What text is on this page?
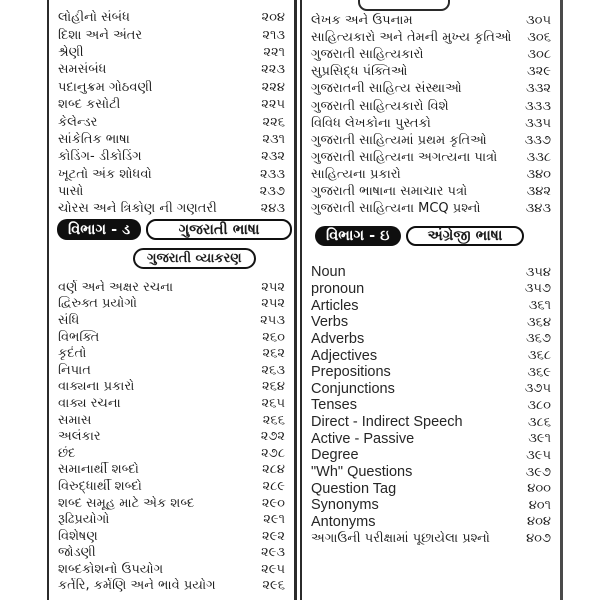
લોહીનો સંબંધ	૨૦૪
દિશા અને અંતર	૨૧૩
શ્રેણી	૨૨૧
સમસંબંધ	૨૨૩
પદાનુક્રમ ગોઠવણી	૨૨૪
શબ્દ કસોટી	૨૨૫
કેલેન્ડર	૨૨૬
સાંકેતિક ભાષા	૨૩૧
કોડિંગ- ડીકોડિંગ	૨૩૨
ખૂટતો અંક શોધવો	૨૩૩
પાસો	૨૩૭
ચોરસ અને ત્રિકોણ ની ગણતરી	૨૪૩
વિભાગ - ડ	ગુજરાતી ભાષા
ગુજરાતી વ્યાકરણ
વર્ણ અને અક્ષર રચના	૨૫૨
દ્વિરુક્ત પ્રયોગો	૨૫૨
સંધિ	૨૫૩
વિભક્તિ	૨૬૦
કૃદંતો	૨૬૨
નિપાત	૨૬૩
વાક્યના પ્રકારો	૨૬૪
વાક્ય રચના	૨૬૫
સમાસ	૨૬૬
અલંકાર	૨૭૨
છંદ	૨૭૮
સમાનાર્થી શબ્દો	૨૮૪
વિરુદ્ધાર્થી શબ્દો	૨૮૯
શબ્દ સમૂહ માટે એક શબ્દ	૨૯૦
રૂઢિપ્રયોગો	૨૯૧
વિશેષણ	૨૯૨
જોડણી	૨૯૩
શબ્દકોશનો ઉપયોગ	૨૯૫
કર્તરિ, કર્મણિ અને ભાવે પ્રયોગ	૨૯૬
લેખક અને ઉપનામ	૩૦૫
સાહિત્યકારો અને તેમની મુખ્ય કૃતિઓ ૩૦૬
ગુજરાતી સાહિત્યકારો	૩૦૮
સુપ્રસિદ્ધ પંક્તિઓ	૩૨૯
ગુજરાતની સાહિત્ય સંસ્થાઓ	૩૩૨
ગુજરાતી સાહિત્યકારો વિશે	૩૩૩
વિવિધ લેખકોના પુસ્તકો	૩૩૫
ગુજરાતી સાહિત્યમાં પ્રથમ કૃતિઓ	૩૩૭
ગુજરાતી સાહિત્યના અગત્યના પાત્રો ૩૩૮
સાહિત્યના પ્રકારો	૩૪૦
ગુજરાતી ભાષાના સમાચાર પત્રો	૩૪૨
ગુજરાતી સાહિત્યના MCQ પ્રશ્નો	૩૪૩
વિભાગ - ઇ	અંગ્રેજી ભાષા
Noun	૩૫૪
pronoun	૩૫૭
Articles	૩૬૧
Verbs	૩૬૪
Adverbs	૩૬૭
Adjectives	૩૬૮
Prepositions	૩૬૯
Conjunctions	૩૭૫
Tenses	૩૮૦
Direct - Indirect Speech	૩૮૬
Active - Passive	૩૯૧
Degree	૩૯૫
"Wh" Questions	૩૯૭
Question Tag	૪૦૦
Synonyms	૪૦૧
Antonyms	૪૦૪
અગાઉની પરીક્ષામાં પૂછાયેલા પ્રશ્નો	૪૦૭
